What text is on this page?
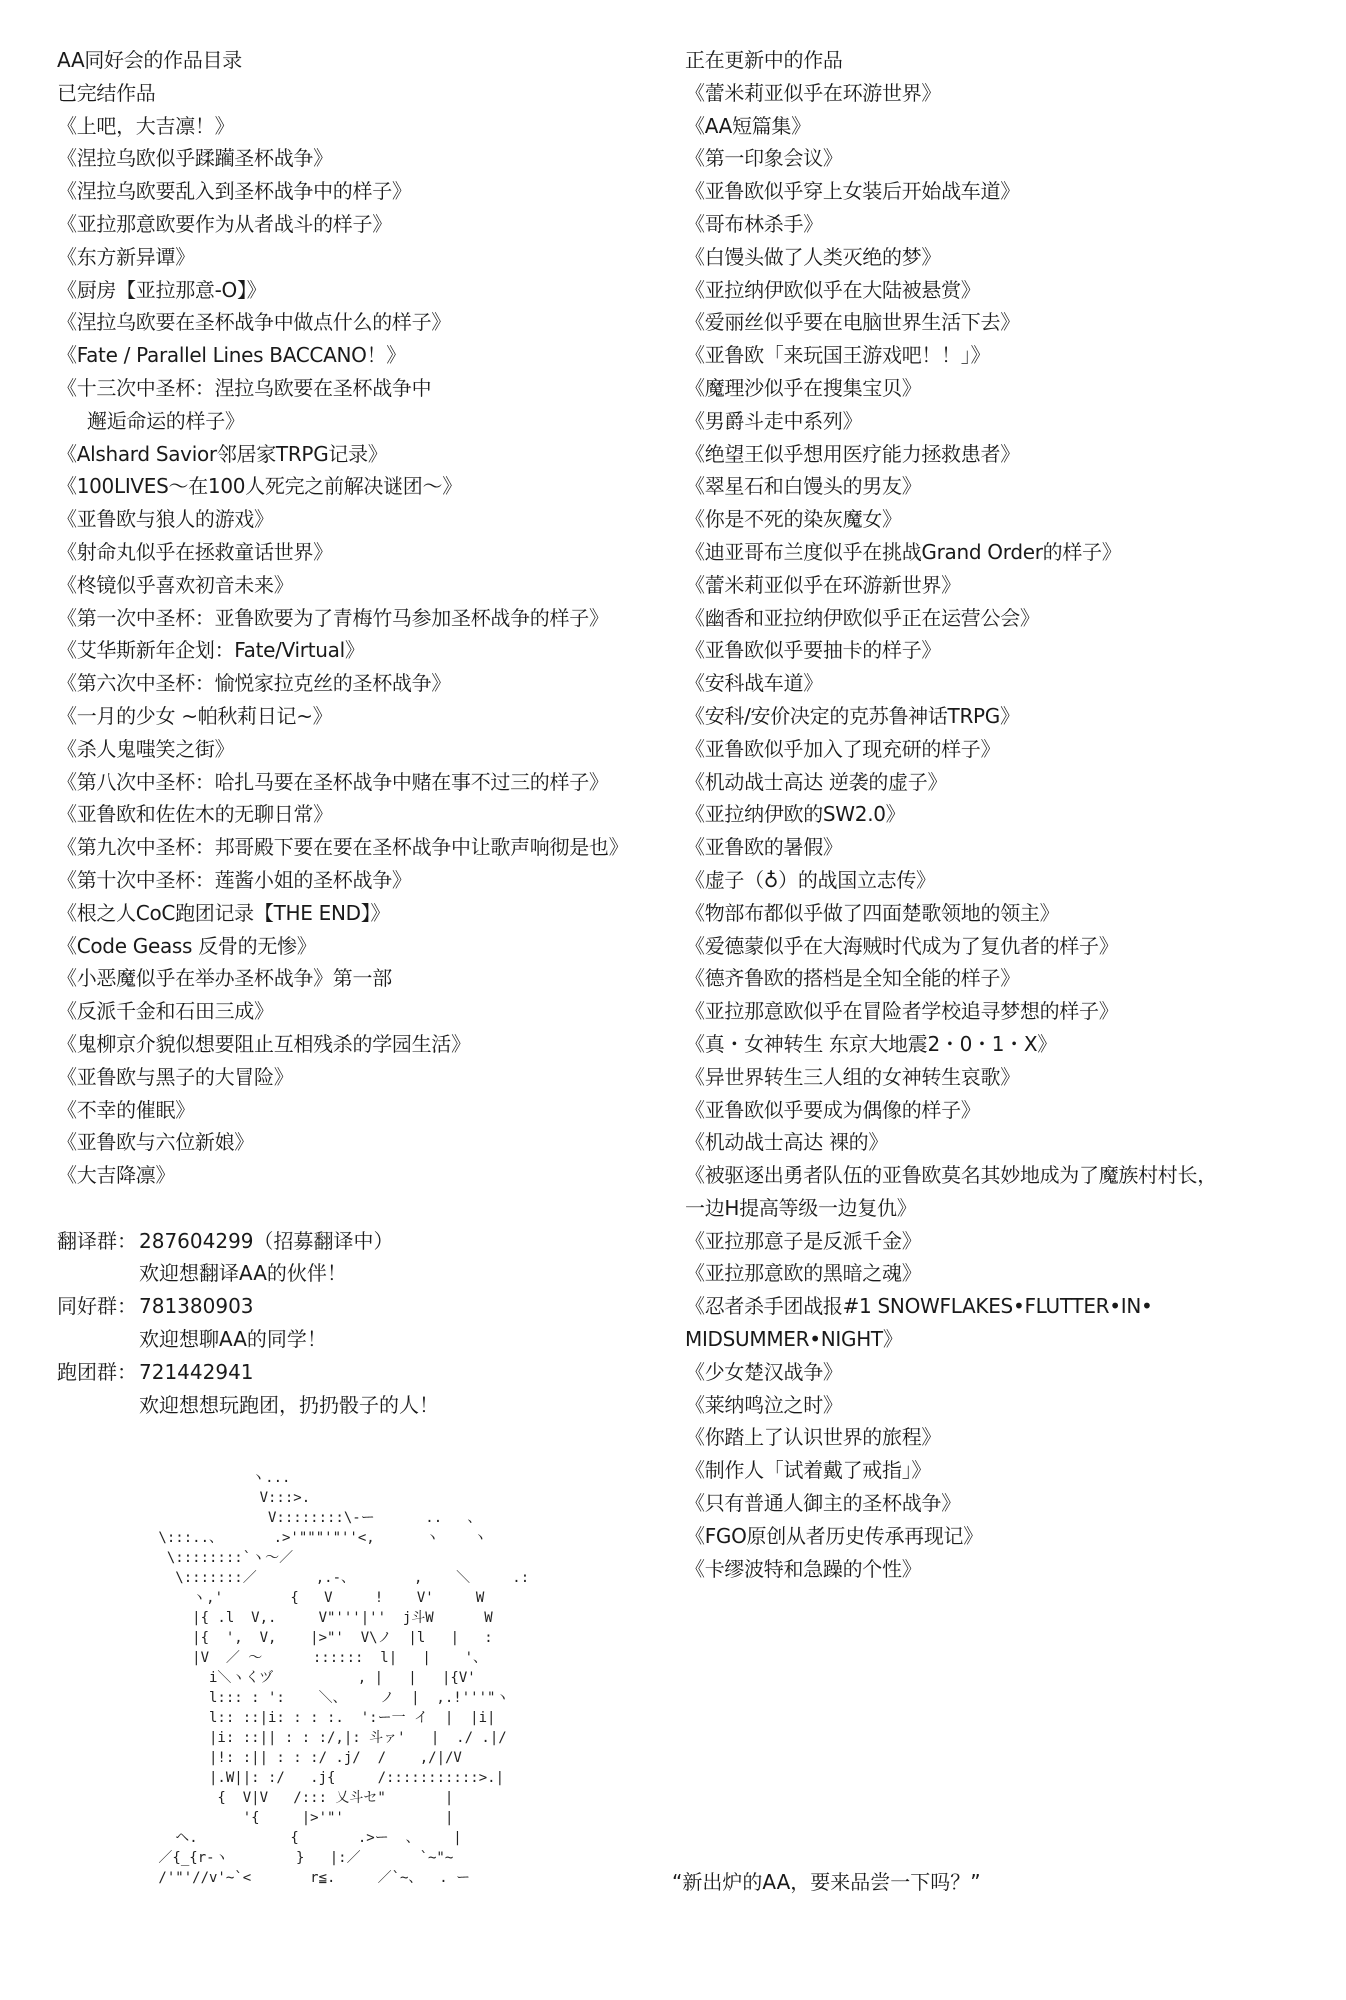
AA同好会的作品目录
已完结作品
《上吧，大吉凛！》
《涅拉乌欧似乎蹂躏圣杯战争》
《涅拉乌欧要乱入到圣杯战争中的样子》
《亚拉那意欧要作为从者战斗的样子》
《东方新异谭》
《厨房【亚拉那意-O】》
《涅拉乌欧要在圣杯战争中做点什么的样子》
《Fate / Parallel Lines BACCANO！》
《十三次中圣杯：涅拉乌欧要在圣杯战争中
邂逅命运的样子》
《Alshard Savior邻居家TRPG记录》
《100LIVES～在100人死完之前解决谜团～》
《亚鲁欧与狼人的游戏》
《射命丸似乎在拯救童话世界》
《柊镜似乎喜欢初音未来》
《第一次中圣杯：亚鲁欧要为了青梅竹马参加圣杯战争的样子》
《艾华斯新年企划：Fate/Virtual》
《第六次中圣杯：愉悦家拉克丝的圣杯战争》
《一月的少女 ~帕秋莉日记~》
《杀人鬼嗤笑之街》
《第八次中圣杯：哈扎马要在圣杯战争中赌在事不过三的样子》
《亚鲁欧和佐佐木的无聊日常》
《第九次中圣杯：邦哥殿下要在要在圣杯战争中让歌声响彻是也》
《第十次中圣杯：莲酱小姐的圣杯战争》
《根之人CoC跑团记录【THE END】》
《Code Geass 反骨的无惨》
《小恶魔似乎在举办圣杯战争》第一部
《反派千金和石田三成》
《鬼柳京介貌似想要阻止互相残杀的学园生活》
《亚鲁欧与黑子的大冒险》
《不幸的催眠》
《亚鲁欧与六位新娘》
《大吉降凛》
翻译群： 287604299（招募翻译中）
欢迎想翻译AA的伙伴！
同好群： 781380903
欢迎想聊AA的同学！
跑团群： 721442941
欢迎想想玩跑团，扔扔骰子的人！
正在更新中的作品
《蕾米莉亚似乎在环游世界》
《AA短篇集》
《第一印象会议》
《亚鲁欧似乎穿上女装后开始战车道》
《哥布林杀手》
《白馒头做了人类灭绝的梦》
《亚拉纳伊欧似乎在大陆被悬赏》
《爱丽丝似乎要在电脑世界生活下去》
《亚鲁欧「来玩国王游戏吧！！」》
《魔理沙似乎在搜集宝贝》
《男爵斗走中系列》
《绝望王似乎想用医疗能力拯救患者》
《翠星石和白馒头的男友》
《你是不死的染灰魔女》
《迪亚哥布兰度似乎在挑战Grand Order的样子》
《蕾米莉亚似乎在环游新世界》
《幽香和亚拉纳伊欧似乎正在运营公会》
《亚鲁欧似乎要抽卡的样子》
《安科战车道》
《安科/安价决定的克苏鲁神话TRPG》
《亚鲁欧似乎加入了现充研的样子》
《机动战士高达 逆袭的虚子》
《亚拉纳伊欧的SW2.0》
《亚鲁欧的暑假》
《虚子（♁）的战国立志传》
《物部布都似乎做了四面楚歌领地的领主》
《爱德蒙似乎在大海贼时代成为了复仇者的样子》
《德齐鲁欧的搭档是全知全能的样子》
《亚拉那意欧似乎在冒险者学校追寻梦想的样子》
《真・女神转生 东京大地震2・0・1・X》
《异世界转生三人组的女神转生哀歌》
《亚鲁欧似乎要成为偶像的样子》
《机动战士高达 裸的》
《被驱逐出勇者队伍的亚鲁欧莫名其妙地成为了魔族村村长，
一边H提高等级一边复仇》
《亚拉那意子是反派千金》
《亚拉那意欧的黑暗之魂》
《忍者杀手团战报#1 SNOWFLAKES•FLUTTER•IN•
MIDSUMMER•NIGHT》
《少女楚汉战争》
《莱纳鸣泣之时》
《你踏上了认识世界的旅程》
《制作人「试着戴了戒指」》
《只有普通人御主的圣杯战争》
《FGO原创从者历史传承再现记》
《卡缪波特和急躁的个性》
ヽ...
V:::>.
V::::::::\-ー      ..   、
\:::..、      .>'"""'"''<,      ヽ    ヽ
\::::::::`ヽ～／
\:::::::／       ,.-、       ,    ＼     .:
ヽ,'        {   V     !    V'     W
|{ .l  V,.     V"'''|''  j斗W      W
|{  ',  V,    |>"'  V\ノ  |l   |   :
|V  ／ ～      ::::::  l|   |    '、
i＼ヽくヅ          , |   |   |{V'
l::: : ':    ＼、    ノ  |  ,.!'''"ヽ
l:: ::|i: : : :.  ':ー一 イ  |  |i|
|i: ::|| : : :/,|: 斗ァ'   |  ./ .|/
|!: :|| : : :/ .j/  /    ,/|/V
|.W||: :/   .j{     /:::::::::::>.|
{  V|V   /::: 乂斗セ"       |
'{     |>'"'            |
ヘ.           {       .>ー  、    |
／{_{r-ヽ        }   |:／       `~"~
/'"'//v'~`<       r≦.     ／`~、  . ー	“新出炉的AA，要来品尝一下吗？”
